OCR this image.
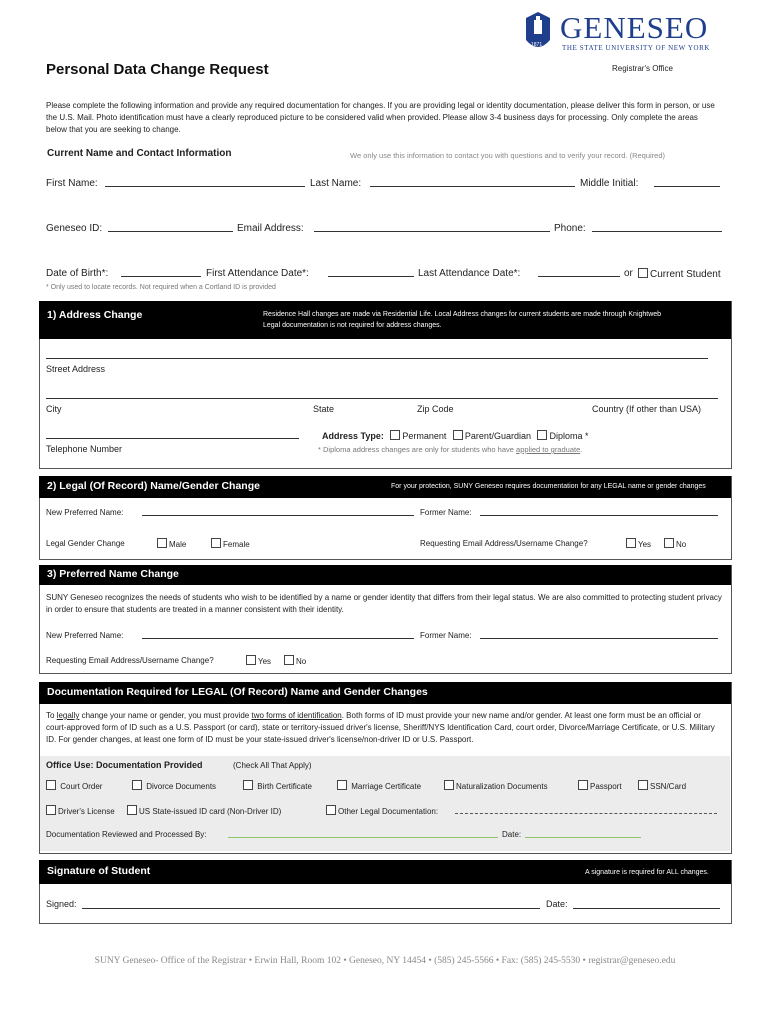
1871 GENESEO
THE STATE UNIVERSITY OF NEW YORK
Personal Data Change Request	Registrar's Office
Please complete the following information and provide any required documentation for changes. If you are providing legal or identity documentation, please deliver this form in person, or use the U.S. Mail. Photo identification must have a clearly reproduced picture to be considered valid when provided. Please allow 3-4 business days for processing. Only complete the areas below that you are seeking to change.
Current Name and Contact Information	We only use this information to contact you with questions and to verify your record. (Required)
First Name:	Last Name:	Middle Initial:
Geneseo ID:	Email Address:	Phone:
Date of Birth*:	First Attendance Date*:	Last Attendance Date*:	or	Current Student
* Only used to locate records. Not required when a Cortland ID is provided
1) Address Change	Residence Hall changes are made via Residential Life. Local Address changes for current students are made through Knightweb
Legal documentation is not required for address changes.
Street Address
City	State	Zip Code	Country (If other than USA)
Telephone Number
Address Type: Permanent Parent/Guardian Diploma *
* Diploma address changes are only for students who have applied to graduate.
2) Legal (Of Record) Name/Gender Change	For your protection, SUNY Geneseo requires documentation for any LEGAL name or gender changes
New Preferred Name:	Former Name:
Legal Gender Change	Male	Female	Requesting Email Address/Username Change?	Yes	No
3) Preferred Name Change
SUNY Geneseo recognizes the needs of students who wish to be identified by a name or gender identity that differs from their legal status. We are also committed to protecting student privacy in order to ensure that students are treated in a manner consistent with their identity.
New Preferred Name:	Former Name:
Requesting Email Address/Username Change?	Yes	No
Documentation Required for LEGAL (Of Record) Name and Gender Changes
To legally change your name or gender, you must provide two forms of identification. Both forms of ID must provide your new name and/or gender. At least one form must be an official or court-approved form of ID such as a U.S. Passport (or card), state or territory-issued driver's license, Sheriff/NYS Identification Card, court order, Divorce/Marriage Certificate, or U.S. Military ID. For gender changes, at least one form of ID must be your state-issued driver's license/non-driver ID or U.S. Passport.
Office Use: Documentation Provided	(Check All That Apply)
Court Order	Divorce Documents	Birth Certificate	Marriage Certificate	Naturalization Documents	Passport	SSN/Card
Driver's License	US State-issued ID card (Non-Driver ID)	Other Legal Documentation:
Documentation Reviewed and Processed By:	Date:
Signature of Student	A signature is required for ALL changes.
Signed:	Date:
SUNY Geneseo- Office of the Registrar • Erwin Hall, Room 102 • Geneseo, NY 14454 • (585) 245-5566 • Fax: (585) 245-5530 • registrar@geneseo.edu
